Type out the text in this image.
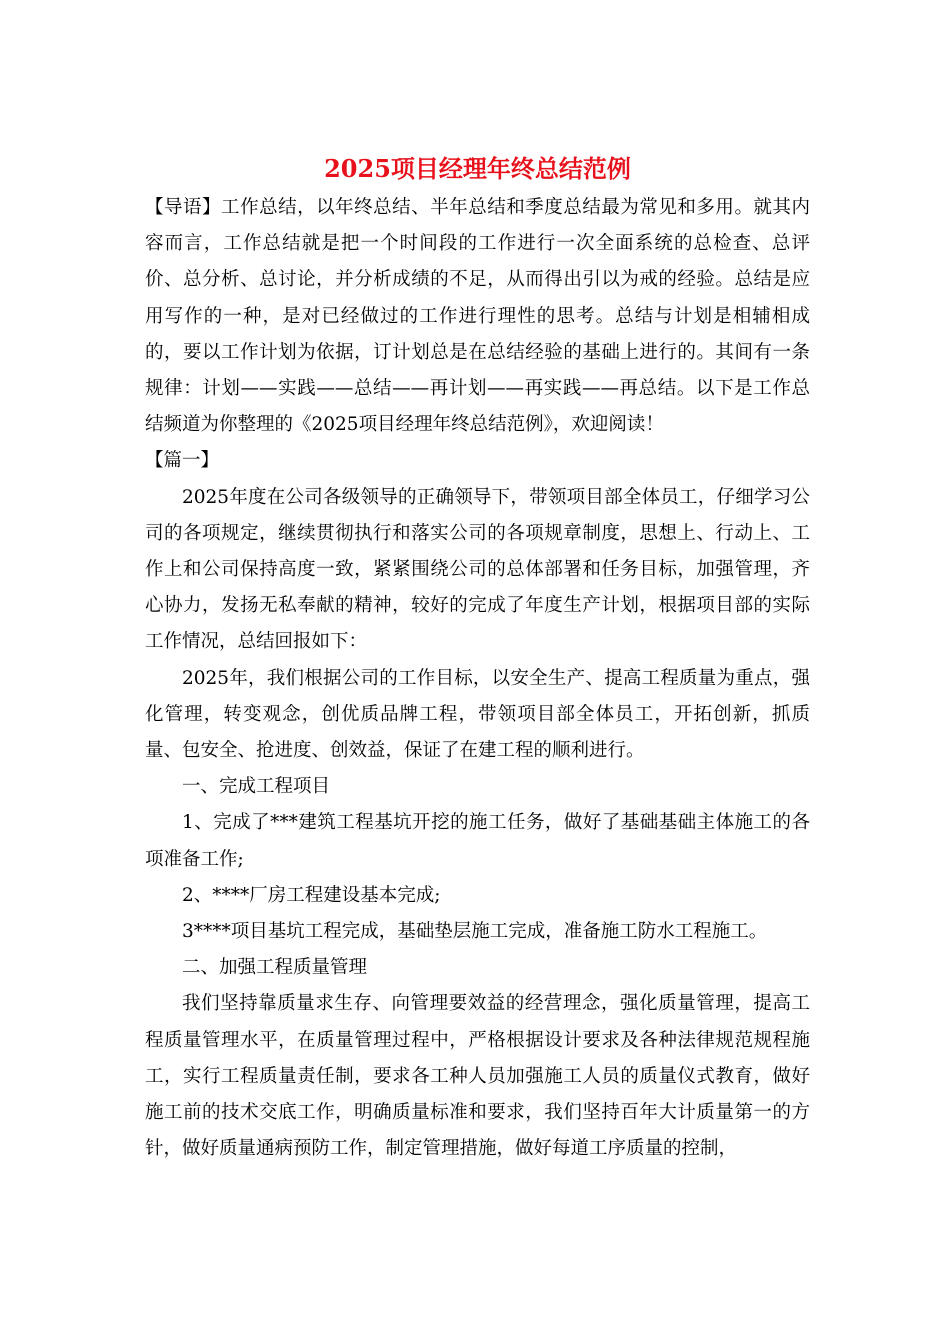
2025项目经理年终总结范例

【导语】工作总结，以年终总结、半年总结和季度总结最为常见和多用。就其内容而言，工作总结就是把一个时间段的工作进行一次全面系统的总检查、总评价、总分析、总讨论，并分析成绩的不足，从而得出引以为戒的经验。总结是应用写作的一种，是对已经做过的工作进行理性的思考。总结与计划是相辅相成的，要以工作计划为依据，订计划总是在总结经验的基础上进行的。其间有一条规律：计划——实践——总结——再计划——再实践——再总结。以下是工作总结频道为你整理的《2025项目经理年终总结范例》，欢迎阅读！

【篇一】

2025年度在公司各级领导的正确领导下，带领项目部全体员工，仔细学习公司的各项规定，继续贯彻执行和落实公司的各项规章制度，思想上、行动上、工作上和公司保持高度一致，紧紧围绕公司的总体部署和任务目标，加强管理，齐心协力，发扬无私奉献的精神，较好的完成了年度生产计划，根据项目部的实际工作情况，总结回报如下：

2025年，我们根据公司的工作目标，以安全生产、提高工程质量为重点，强化管理，转变观念，创优质品牌工程，带领项目部全体员工，开拓创新，抓质量、包安全、抢进度、创效益，保证了在建工程的顺利进行。

一、完成工程项目

1、完成了***建筑工程基坑开挖的施工任务，做好了基础基础主体施工的各项准备工作;

2、****厂房工程建设基本完成;

3****项目基坑工程完成，基础垫层施工完成，准备施工防水工程施工。

二、加强工程质量管理

我们坚持靠质量求生存、向管理要效益的经营理念，强化质量管理，提高工程质量管理水平，在质量管理过程中，严格根据设计要求及各种法律规范规程施工，实行工程质量责任制，要求各工种人员加强施工人员的质量仪式教育，做好施工前的技术交底工作，明确质量标准和要求，我们坚持百年大计质量第一的方针，做好质量通病预防工作，制定管理措施，做好每道工序质量的控制，
